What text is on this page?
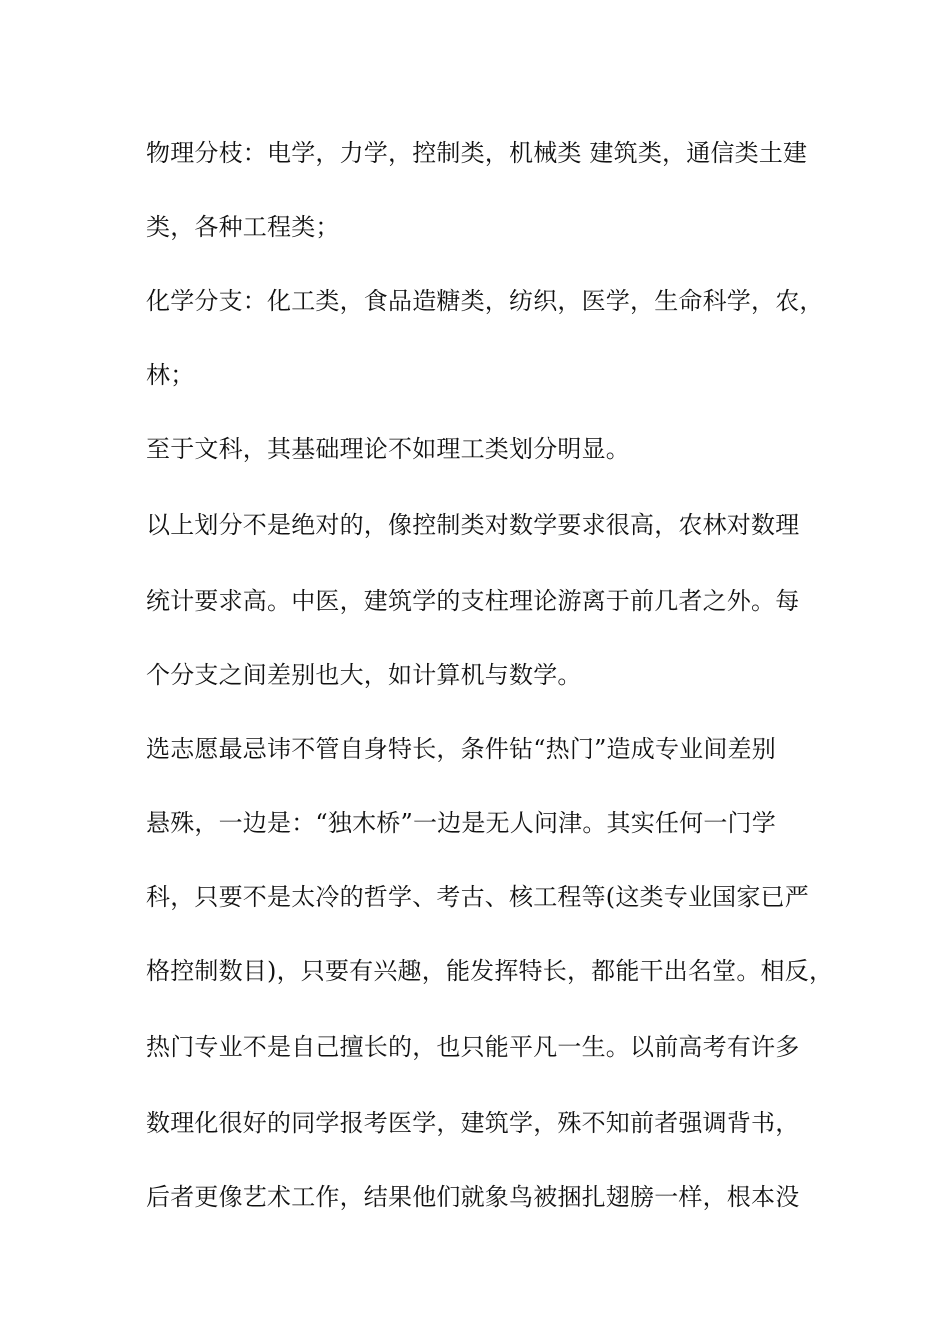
物理分枝：电学，力学，控制类，机械类 建筑类，通信类土建

类，各种工程类；

化学分支：化工类，食品造糖类，纺织，医学，生命科学，农，

林；

至于文科，其基础理论不如理工类划分明显。

以上划分不是绝对的，像控制类对数学要求很高，农林对数理

统计要求高。中医，建筑学的支柱理论游离于前几者之外。每

个分支之间差别也大，如计算机与数学。

选志愿最忌讳不管自身特长，条件钻“热门”造成专业间差别

悬殊，一边是：“独木桥”一边是无人问津。其实任何一门学

科，只要不是太冷的哲学、考古、核工程等(这类专业国家已严

格控制数目)，只要有兴趣，能发挥特长，都能干出名堂。相反，

热门专业不是自己擅长的，也只能平凡一生。以前高考有许多

数理化很好的同学报考医学，建筑学，殊不知前者强调背书，

后者更像艺术工作，结果他们就象鸟被捆扎翅膀一样，根本没
